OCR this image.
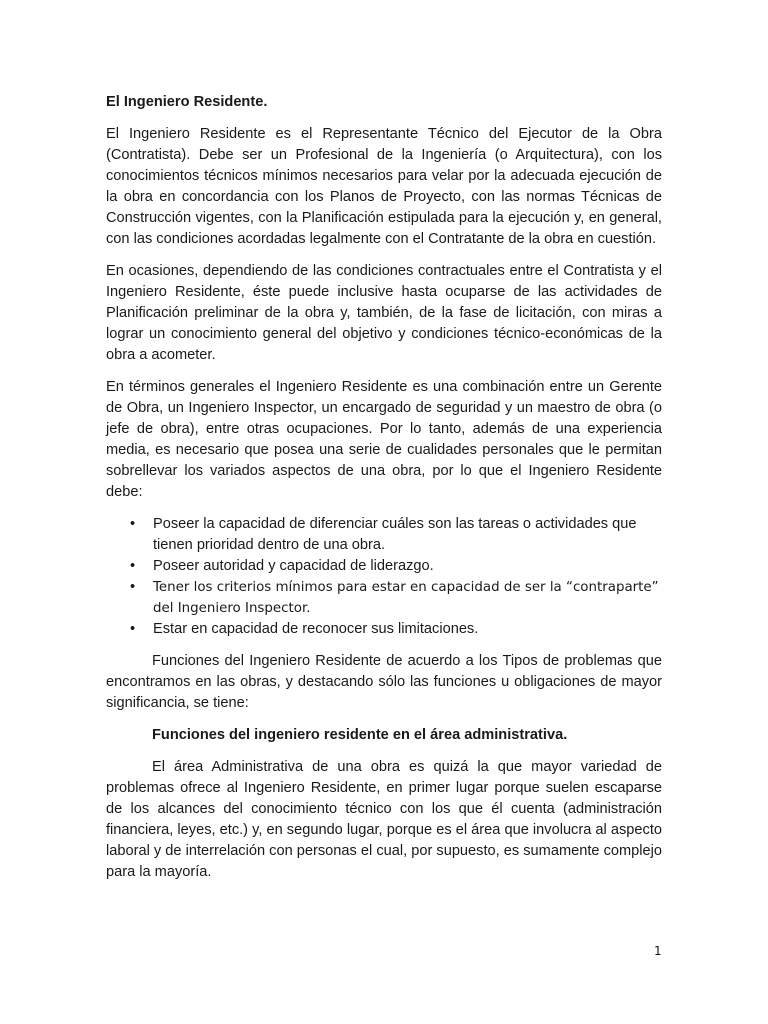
El Ingeniero Residente.

El Ingeniero Residente es el Representante Técnico del Ejecutor de la Obra (Contratista). Debe ser un Profesional de la Ingeniería (o Arquitectura), con los conocimientos técnicos mínimos necesarios para velar por la adecuada ejecución de la obra en concordancia con los Planos de Proyecto, con las normas Técnicas de Construcción vigentes, con la Planificación estipulada para la ejecución y, en general, con las condiciones acordadas legalmente con el Contratante de la obra en cuestión.

En ocasiones, dependiendo de las condiciones contractuales entre el Contratista y el Ingeniero Residente, éste puede inclusive hasta ocuparse de las actividades de Planificación preliminar de la obra y, también, de la fase de licitación, con miras a lograr un conocimiento general del objetivo y condiciones técnico-económicas de la obra a acometer.

En términos generales el Ingeniero Residente es una combinación entre un Gerente de Obra, un Ingeniero Inspector, un encargado de seguridad y un maestro de obra (o jefe de obra), entre otras ocupaciones. Por lo tanto, además de una experiencia media, es necesario que posea una serie de cualidades personales que le permitan sobrellevar los variados aspectos de una obra, por lo que el Ingeniero Residente debe:

• Poseer la capacidad de diferenciar cuáles son las tareas o actividades que tienen prioridad dentro de una obra.
• Poseer autoridad y capacidad de liderazgo.
• Tener los criterios mínimos para estar en capacidad de ser la “contraparte” del Ingeniero Inspector.
• Estar en capacidad de reconocer sus limitaciones.

Funciones del Ingeniero Residente de acuerdo a los Tipos de problemas que encontramos en las obras, y destacando sólo las funciones u obligaciones de mayor significancia, se tiene:

Funciones del ingeniero residente en el área administrativa.

El área Administrativa de una obra es quizá la que mayor variedad de problemas ofrece al Ingeniero Residente, en primer lugar porque suelen escaparse de los alcances del conocimiento técnico con los que él cuenta (administración financiera, leyes, etc.) y, en segundo lugar, porque es el área que involucra al aspecto laboral y de interrelación con personas el cual, por supuesto, es sumamente complejo para la mayoría.

1
